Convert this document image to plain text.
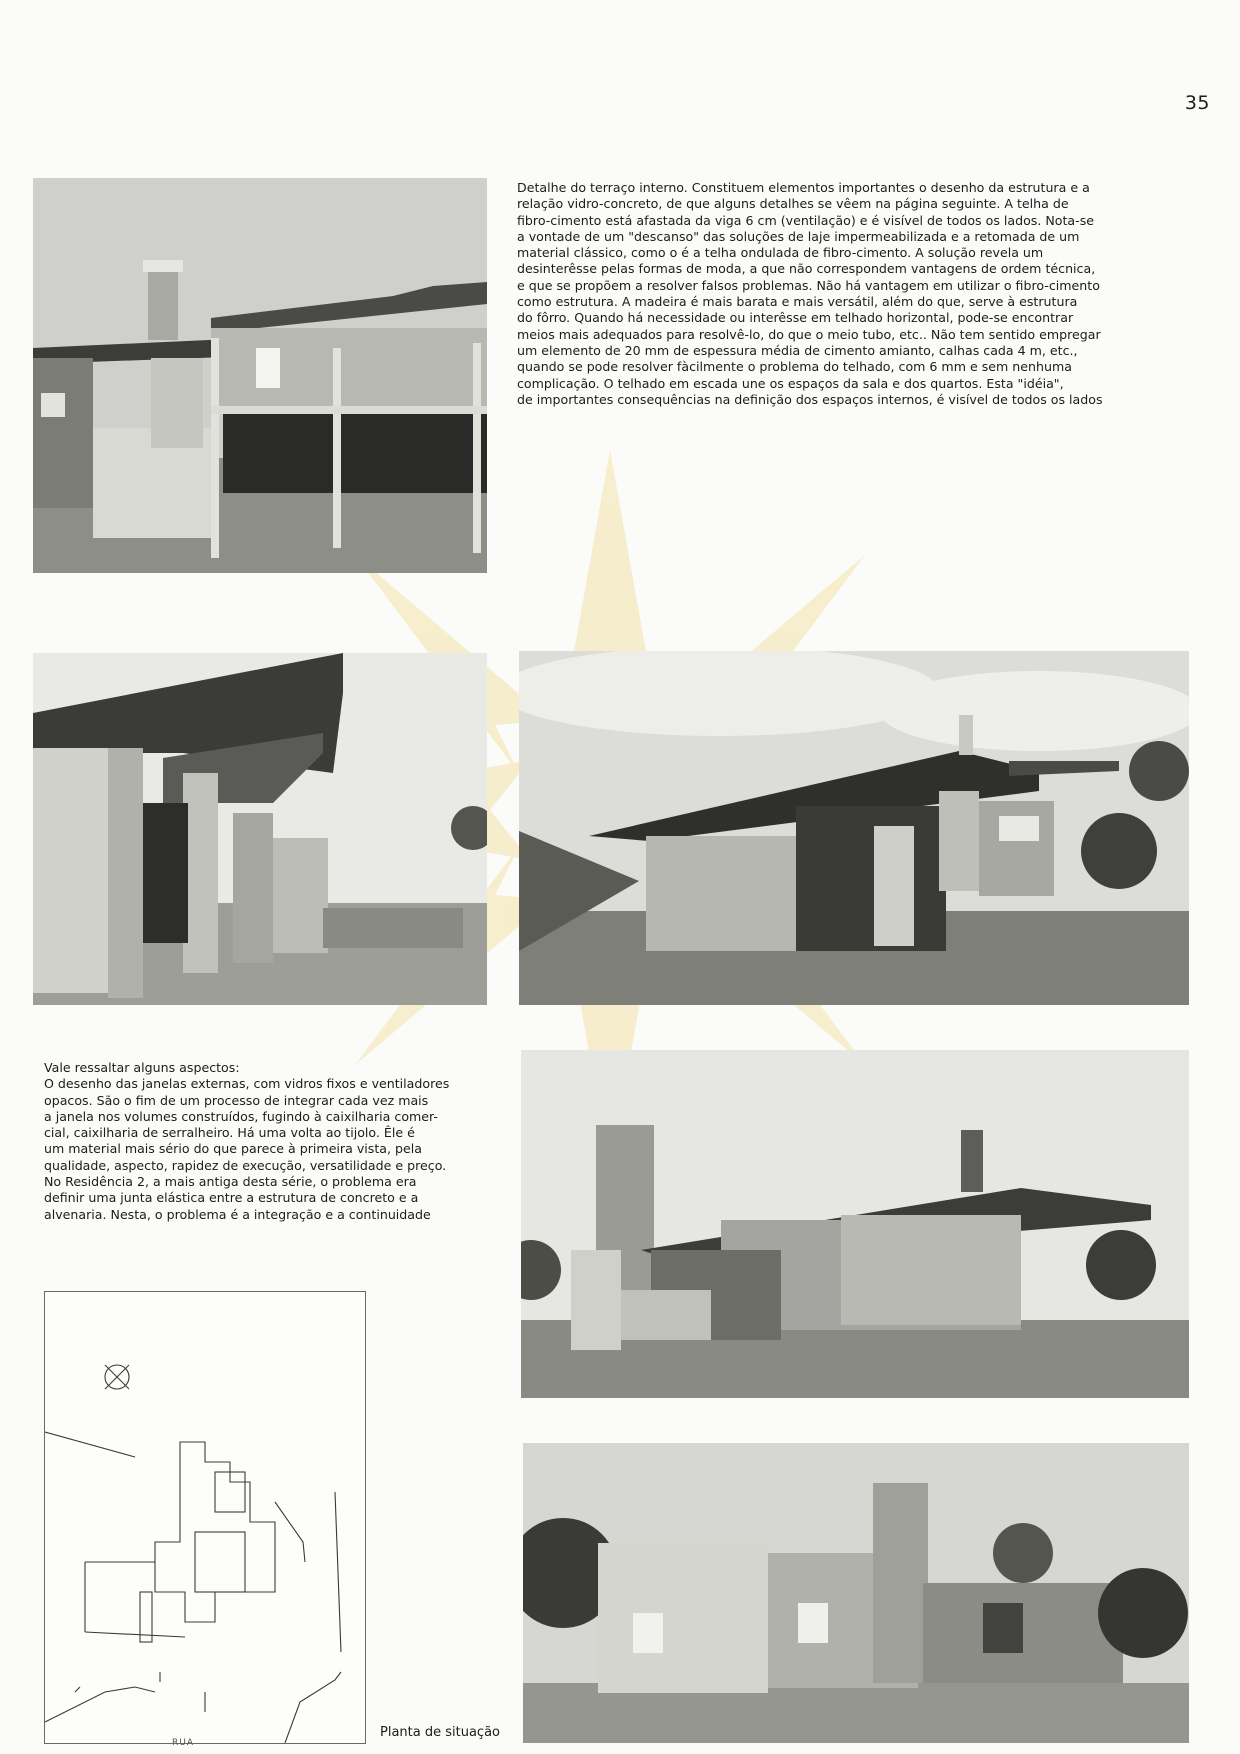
35

Detalhe do terraço interno. Constituem elementos importantes o desenho da estrutura e a

relação vidro-concreto, de que alguns detalhes se vêem na página seguinte. A telha de

fibro-cimento está afastada da viga 6 cm (ventilação) e é visível de todos os lados. Nota-se

a vontade de um "descanso" das soluções de laje impermeabilizada e a retomada de um

material clássico, como o é a telha ondulada de fibro-cimento. A solução revela um

desinterêsse pelas formas de moda, a que não correspondem vantagens de ordem técnica,

e que se propõem a resolver falsos problemas. Não há vantagem em utilizar o fibro-cimento

como estrutura. A madeira é mais barata e mais versátil, além do que, serve à estrutura

do fôrro. Quando há necessidade ou interêsse em telhado horizontal, pode-se encontrar

meios mais adequados para resolvê-lo, do que o meio tubo, etc.. Não tem sentido empregar

um elemento de 20 mm de espessura média de cimento amianto, calhas cada 4 m, etc.,

quando se pode resolver fàcilmente o problema do telhado, com 6 mm e sem nenhuma

complicação. O telhado em escada une os espaços da sala e dos quartos. Esta "idéia",

de importantes consequências na definição dos espaços internos, é visível de todos os lados

Vale ressaltar alguns aspectos:

O desenho das janelas externas, com vidros fixos e ventiladores

opacos. São o fim de um processo de integrar cada vez mais

a janela nos volumes construídos, fugindo à caixilharia comer-

cial, caixilharia de serralheiro. Há uma volta ao tijolo. Êle é

um material mais sério do que parece à primeira vista, pela

qualidade, aspecto, rapidez de execução, versatilidade e preço.

No Residência 2, a mais antiga desta série, o problema era

definir uma junta elástica entre a estrutura de concreto e a

alvenaria. Nesta, o problema é a integração e a continuidade

RUA
Planta de situação
